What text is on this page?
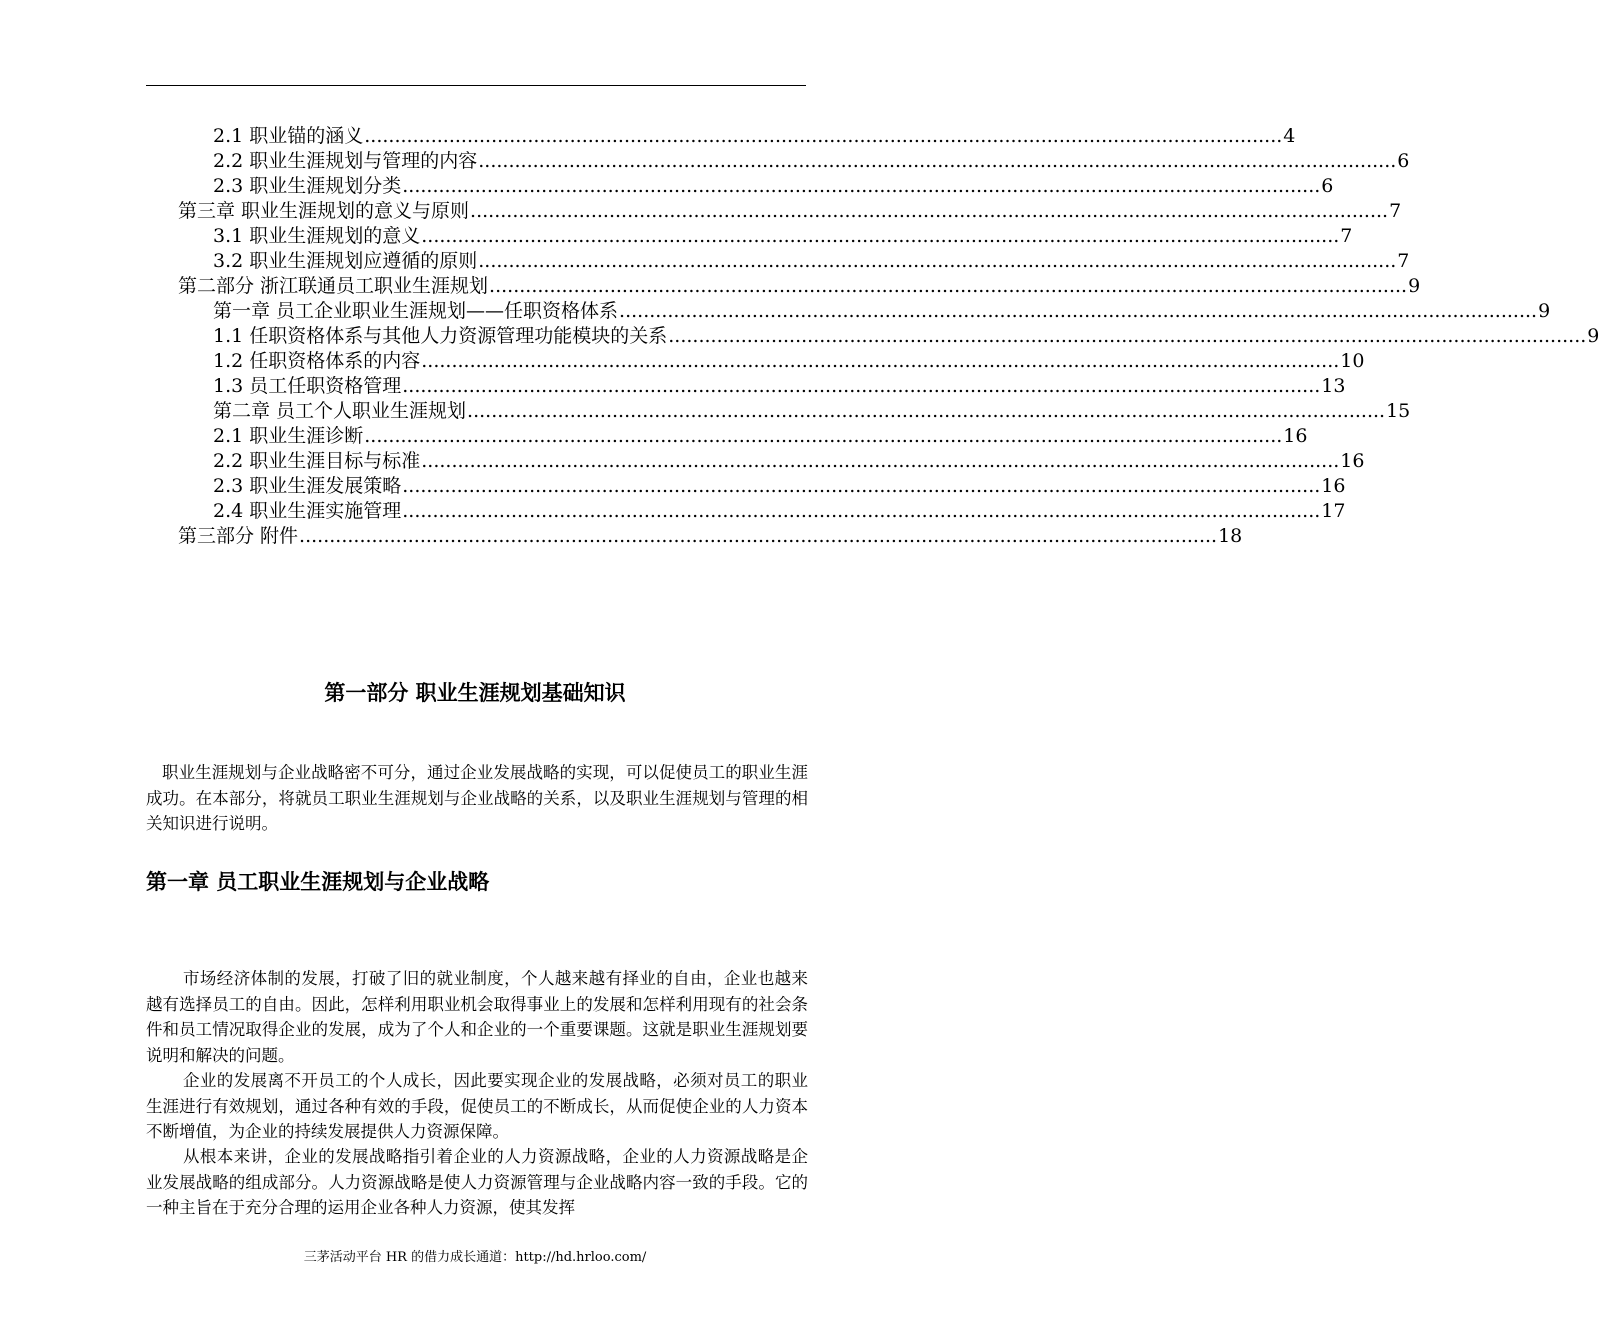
2.1 职业锚的涵义 ........................................................................................................................................................ 4
2.2 职业生涯规划与管理的内容 ........................................................................................................................................................ 6
2.3 职业生涯规划分类 ........................................................................................................................................................ 6
第三章 职业生涯规划的意义与原则 ........................................................................................................................................................ 7
3.1 职业生涯规划的意义 ........................................................................................................................................................ 7
3.2 职业生涯规划应遵循的原则 ........................................................................................................................................................ 7
第二部分 浙江联通员工职业生涯规划 ........................................................................................................................................................ 9
第一章 员工企业职业生涯规划——任职资格体系 ........................................................................................................................................................ 9
1.1 任职资格体系与其他人力资源管理功能模块的关系 ........................................................................................................................................................ 9
1.2 任职资格体系的内容 ........................................................................................................................................................ 10
1.3 员工任职资格管理 ........................................................................................................................................................ 13
第二章 员工个人职业生涯规划 ........................................................................................................................................................ 15
2.1 职业生涯诊断 ........................................................................................................................................................ 16
2.2 职业生涯目标与标准 ........................................................................................................................................................ 16
2.3 职业生涯发展策略 ........................................................................................................................................................ 16
2.4 职业生涯实施管理 ........................................................................................................................................................ 17
第三部分 附件 ........................................................................................................................................................ 18
第一部分 职业生涯规划基础知识

职业生涯规划与企业战略密不可分，通过企业发展战略的实现，可以促使员工的职业生涯成功。在本部分，将就员工职业生涯规划与企业战略的关系，以及职业生涯规划与管理的相关知识进行说明。

第一章 员工职业生涯规划与企业战略

市场经济体制的发展，打破了旧的就业制度，个人越来越有择业的自由，企业也越来越有选择员工的自由。因此，怎样利用职业机会取得事业上的发展和怎样利用现有的社会条件和员工情况取得企业的发展，成为了个人和企业的一个重要课题。这就是职业生涯规划要说明和解决的问题。

企业的发展离不开员工的个人成长，因此要实现企业的发展战略，必须对员工的职业生涯进行有效规划，通过各种有效的手段，促使员工的不断成长，从而促使企业的人力资本不断增值，为企业的持续发展提供人力资源保障。

从根本来讲，企业的发展战略指引着企业的人力资源战略，企业的人力资源战略是企业发展战略的组成部分。人力资源战略是使人力资源管理与企业战略内容一致的手段。它的一种主旨在于充分合理的运用企业各种人力资源，使其发挥

三茅活动平台 HR 的借力成长通道：http://hd.hrloo.com/
